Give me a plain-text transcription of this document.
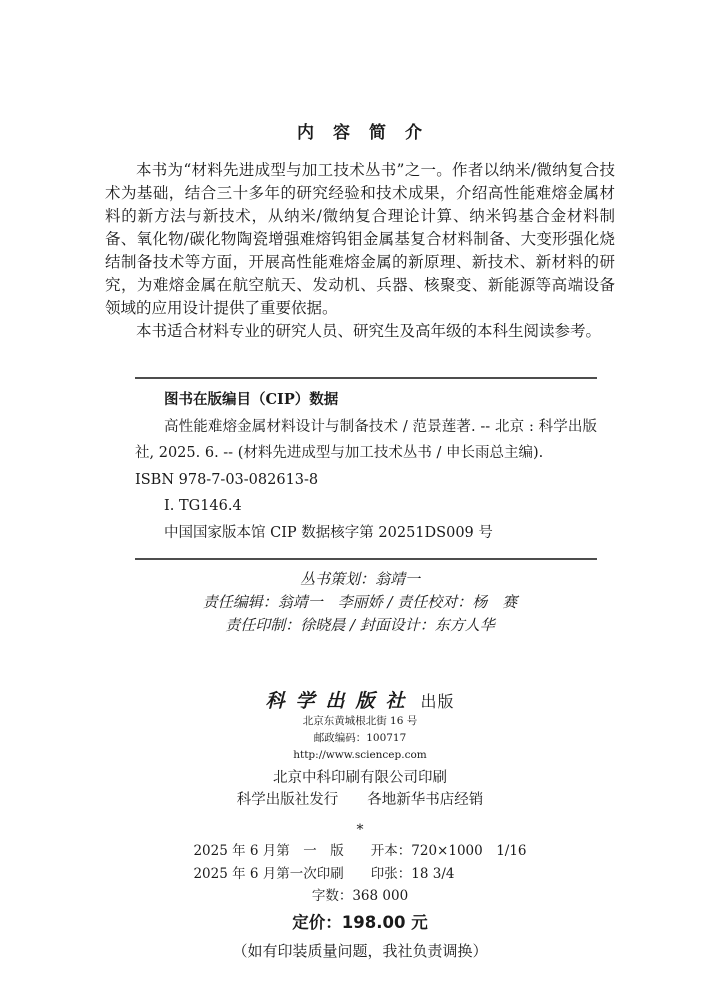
内　容　简　介

本书为“材料先进成型与加工技术丛书”之一。作者以纳米/微纳复合技术为基础，结合三十多年的研究经验和技术成果，介绍高性能难熔金属材料的新方法与新技术，从纳米/微纳复合理论计算、纳米钨基合金材料制备、氧化物/碳化物陶瓷增强难熔钨钼金属基复合材料制备、大变形强化烧结制备技术等方面，开展高性能难熔金属的新原理、新技术、新材料的研究，为难熔金属在航空航天、发动机、兵器、核聚变、新能源等高端设备领域的应用设计提供了重要依据。

本书适合材料专业的研究人员、研究生及高年级的本科生阅读参考。

图书在版编目（CIP）数据

高性能难熔金属材料设计与制备技术 / 范景莲著. -- 北京 : 科学出版社, 2025. 6. -- (材料先进成型与加工技术丛书 / 申长雨总主编).

ISBN 978-7-03-082613-8

Ⅰ. TG146.4

中国国家版本馆 CIP 数据核字第 20251DS009 号

丛书策划：翁靖一
责任编辑：翁靖一　李丽娇 / 责任校对：杨　赛
责任印制：徐晓晨 / 封面设计：东方人华
科学出版社 出版
北京东黄城根北街 16 号
邮政编码：100717
http://www.sciencep.com
北京中科印刷有限公司印刷
科学出版社发行　　各地新华书店经销
*
2025 年 6 月第　一　版　　开本：720×1000　1/16
2025 年 6 月第一次印刷　　印张：18 3/4
字数：368 000
定价：198.00 元
（如有印装质量问题，我社负责调换）
